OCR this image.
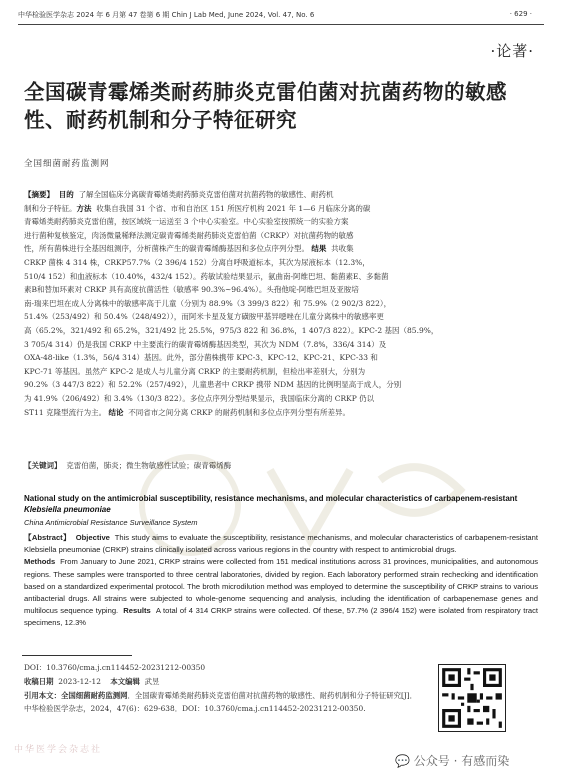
中华检验医学杂志 2024 年 6 月第 47 卷第 6 期 Chin J Lab Med, June 2024, Vol. 47, No. 6	· 629 ·
·论著·
全国碳青霉烯类耐药肺炎克雷伯菌对抗菌药物的敏感性、耐药机制和分子特征研究
全国细菌耐药监测网
【摘要】 目的 了解全国临床分离碳青霉烯类耐药肺炎克雷伯菌对抗菌药物的敏感性、耐药机
制和分子特征。方法 收集自我国 31 个省、市和自治区 151 所医疗机构 2021 年 1—6 月临床分离的碳
青霉烯类耐药肺炎克雷伯菌，按区域统一运送至 3 个中心实验室。中心实验室按照统一的实验方案
进行菌种复核鉴定，肉汤微量稀释法测定碳青霉烯类耐药肺炎克雷伯菌（CRKP）对抗菌药物的敏感
性，所有菌株进行全基因组测序，分析菌株产生的碳青霉烯酶基因和多位点序列分型。 结果 共收集
CRKP 菌株 4 314 株，CRKP57.7%（2 396/4 152）分离自呼吸道标本，其次为尿液标本（12.3%，
510/4 152）和血液标本（10.40%，432/4 152）。药敏试验结果显示，氨曲南-阿维巴坦、黏菌素E、多黏菌
素B和替加环素对 CRKP 具有高度抗菌活性（敏感率 90.3%~96.4%）。头孢他啶-阿维巴坦及亚胺培
南-瑞来巴坦在成人分离株中的敏感率高于儿童（分别为 88.9%（3 399/3 822）和 75.9%（2 902/3 822），
51.4%（253/492）和 50.4%（248/492）），而阿米卡星及复方磺胺甲基异噁唑在儿童分离株中的敏感率更
高（65.2%，321/492 和 65.2%，321/492 比 25.5%，975/3 822 和 36.8%，1 407/3 822）。KPC-2 基因（85.9%，
3 705/4 314）仍是我国 CRKP 中主要流行的碳青霉烯酶基因类型，其次为 NDM（7.8%，336/4 314）及
OXA-48-like（1.3%，56/4 314）基因。此外，部分菌株携带 KPC-3、KPC-12、KPC-21、KPC-33 和
KPC-71 等基因。虽然产 KPC-2 是成人与儿童分离 CRKP 的主要耐药机制，但检出率差别大，分别为
90.2%（3 447/3 822）和 52.2%（257/492），儿童患者中 CRKP 携带 NDM 基因的比例明显高于成人，分别
为 41.9%（206/492）和 3.4%（130/3 822）。多位点序列分型结果显示，我国临床分离的 CRKP 仍以
ST11 克隆型流行为主。 结论 不同省市之间分离 CRKP 的耐药机制和多位点序列分型有所差异。
【关键词】 克雷伯菌，肺炎；微生物敏感性试验；碳青霉烯酶
National study on the antimicrobial susceptibility, resistance mechanisms, and molecular characteristics of carbapenem-resistant Klebsiella pneumoniae
China Antimicrobial Resistance Surveillance System
【Abstract】 Objective This study aims to evaluate the susceptibility, resistance mechanisms, and molecular characteristics of carbapenem-resistant Klebsiella pneumoniae (CRKP) strains clinically isolated across various regions in the country with respect to antimicrobial drugs.
Methods From January to June 2021, CRKP strains were collected from 151 medical institutions across 31 provinces, municipalities, and autonomous regions. These samples were transported to three central laboratories, divided by region. Each laboratory performed strain rechecking and identification based on a standardized experimental protocol. The broth microdilution method was employed to determine the susceptibility of CRKP strains to various antibacterial drugs. All strains were subjected to whole-genome sequencing and analysis, including the identification of carbapenemase genes and multilocus sequence typing. Results A total of 4 314 CRKP strains were collected. Of these, 57.7% (2 396/4 152) were isolated from respiratory tract specimens, 12.3%
DOI：10.3760/cma.j.cn114452-20231212-00350
收稿日期 2023-12-12 本文编辑 武昱
引用本文：全国细菌耐药监测网．全国碳青霉烯类耐药肺炎克雷伯菌对抗菌药物的敏感性、耐药机制和分子特征研究[J]．中华检验医学杂志，2024，47(6)：629-638．DOI：10.3760/cma.j.cn114452-20231212-00350.
中华医学会杂志社
💬 公众号 · 有感而染
